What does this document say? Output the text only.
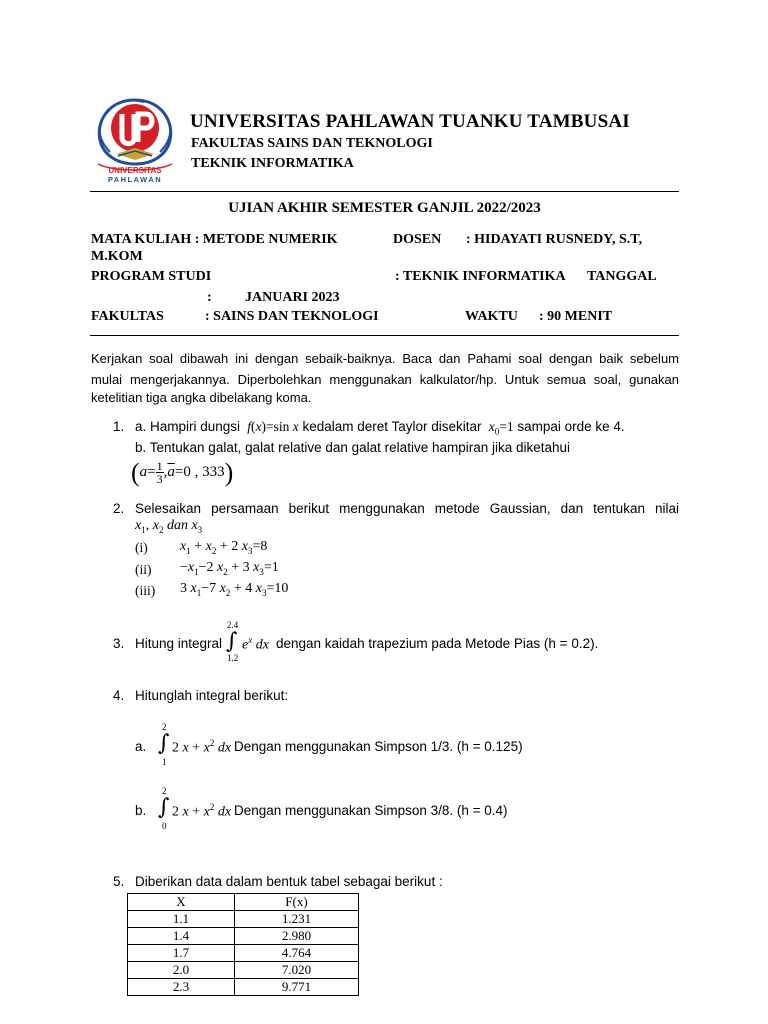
UNIVERSITAS
PAHLAWAN
UNIVERSITAS PAHLAWAN TUANKU TAMBUSAI
FAKULTAS SAINS DAN TEKNOLOGI
TEKNIK INFORMATIKA
UJIAN AKHIR SEMESTER GANJIL 2022/2023
MATA KULIAH : METODE NUMERIK	DOSEN : HIDAYATI RUSNEDY, S.T,
M.KOM
PROGRAM STUDI	: TEKNIK INFORMATIKA TANGGAL
: JANUARI 2023
FAKULTAS	: SAINS DAN TEKNOLOGI	WAKTU : 90 MENIT
Kerjakan soal dibawah ini dengan sebaik-baiknya. Baca dan Pahami soal dengan baik sebelum
mulai mengerjakannya. Diperbolehkan menggunakan kalkulator/hp. Untuk semua soal, gunakan
ketelitian tiga angka dibelakang koma.
1. a. Hampiri dungsi  f(x)=sin x kedalam deret Taylor disekitar  $x_0=1$ sampai orde ke 4.
b. Tentukan galat, galat relative dan galat relative hampiran jika diketahui
($a= \frac{1}{3} ,\overline{a}=0$ , 333)
2. Selesaikan persamaan berikut menggunakan metode Gaussian, dan tentukan nilai
$x_1$, $x_2$ dan $x_3$
(i) $x_1 + x_2 + 2$ $x_3=8$
$(ii) -x_1-2$ $x_2 + 3$ $x_3=1$
(iii) 3 $x_1-7$ $x_2 + 4$ $x_3=10$
3. Hitung integral
2.4
∫
1.2
$e^x$ dx dengan kaidah trapezium pada Metode Pias (h = 0.2).
4. Hitunglah integral berikut:
a.
2
∫
1
2 $x + x^2$ dx Dengan menggunakan Simpson 1/3. (h = 0.125)
b.
2
∫
0
2 $x + x^2$ dx Dengan menggunakan Simpson 3/8. (h = 0.4)
5. Diberikan data dalam bentuk tabel sebagai berikut :
X	F(x)
1.1	1.231
1.4	2.980
1.7	4.764
2.0	7.020
2.3	9.771
